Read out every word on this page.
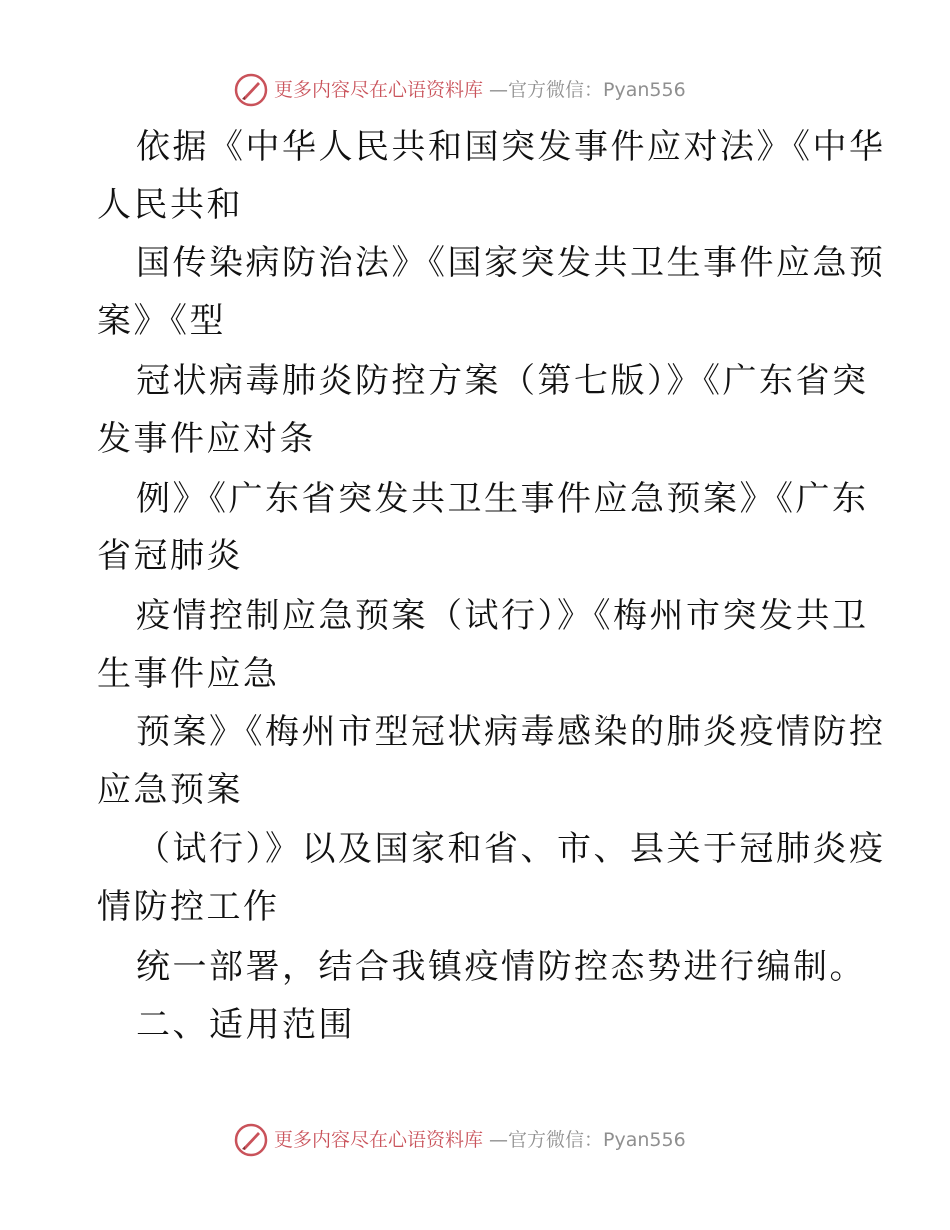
更多内容尽在心语资料库 —官方微信：Pyan556
依据《中华人民共和国突发事件应对法》《中华
人民共和
国传染病防治法》《国家突发共卫生事件应急预
案》《型
冠状病毒肺炎防控方案（第七版）》《广东省突
发事件应对条
例》《广东省突发共卫生事件应急预案》《广东
省冠肺炎
疫情控制应急预案（试行）》《梅州市突发共卫
生事件应急
预案》《梅州市型冠状病毒感染的肺炎疫情防控
应急预案
（试行）》以及国家和省、市、县关于冠肺炎疫
情防控工作
统一部署，结合我镇疫情防控态势进行编制。
二、适用范围
更多内容尽在心语资料库 —官方微信：Pyan556
